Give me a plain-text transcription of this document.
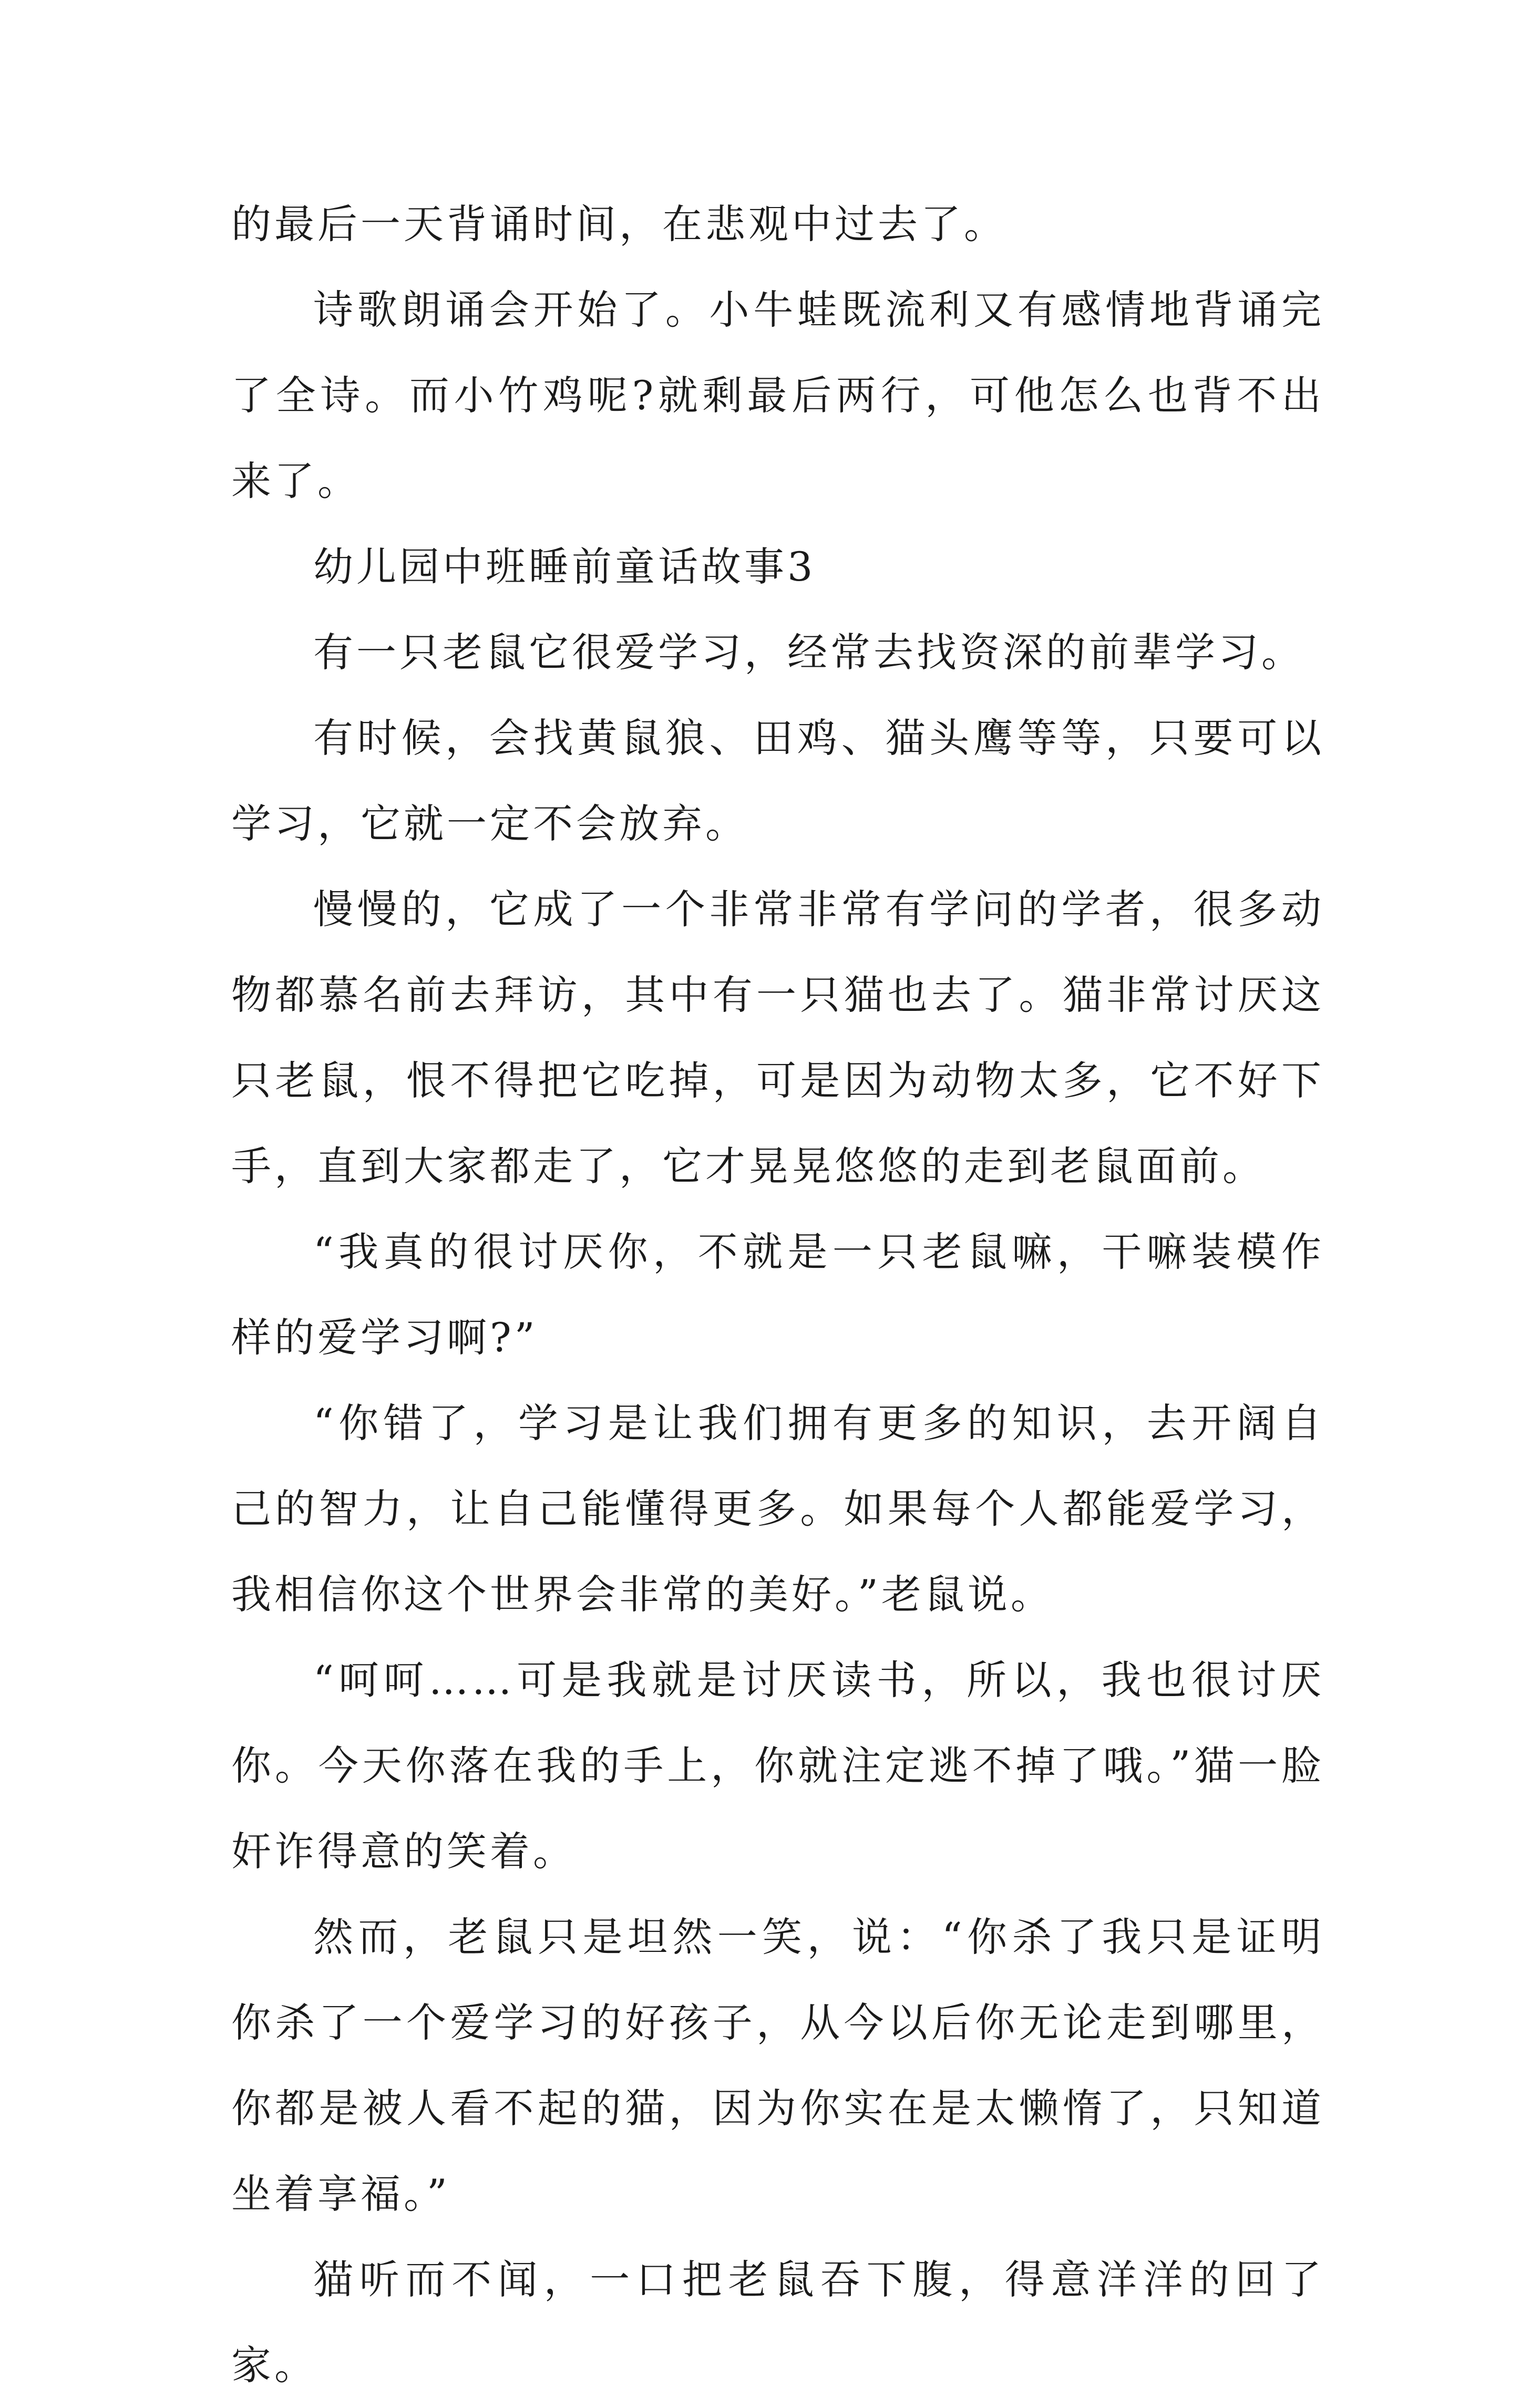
的最后一天背诵时间，在悲观中过去了。

诗歌朗诵会开始了。小牛蛙既流利又有感情地背诵完了全诗。而小竹鸡呢?就剩最后两行，可他怎么也背不出来了。

幼儿园中班睡前童话故事3

有一只老鼠它很爱学习，经常去找资深的前辈学习。

有时候，会找黄鼠狼、田鸡、猫头鹰等等，只要可以学习，它就一定不会放弃。

慢慢的，它成了一个非常非常有学问的学者，很多动物都慕名前去拜访，其中有一只猫也去了。猫非常讨厌这只老鼠，恨不得把它吃掉，可是因为动物太多，它不好下手，直到大家都走了，它才晃晃悠悠的走到老鼠面前。

“我真的很讨厌你，不就是一只老鼠嘛，干嘛装模作样的爱学习啊?”

“你错了，学习是让我们拥有更多的知识，去开阔自己的智力，让自己能懂得更多。如果每个人都能爱学习，我相信你这个世界会非常的美好。”老鼠说。

“呵呵……可是我就是讨厌读书，所以，我也很讨厌你。今天你落在我的手上，你就注定逃不掉了哦。”猫一脸奸诈得意的笑着。

然而，老鼠只是坦然一笑，说：“你杀了我只是证明你杀了一个爱学习的好孩子，从今以后你无论走到哪里，你都是被人看不起的猫，因为你实在是太懒惰了，只知道坐着享福。”

猫听而不闻，一口把老鼠吞下腹，得意洋洋的回了家。
